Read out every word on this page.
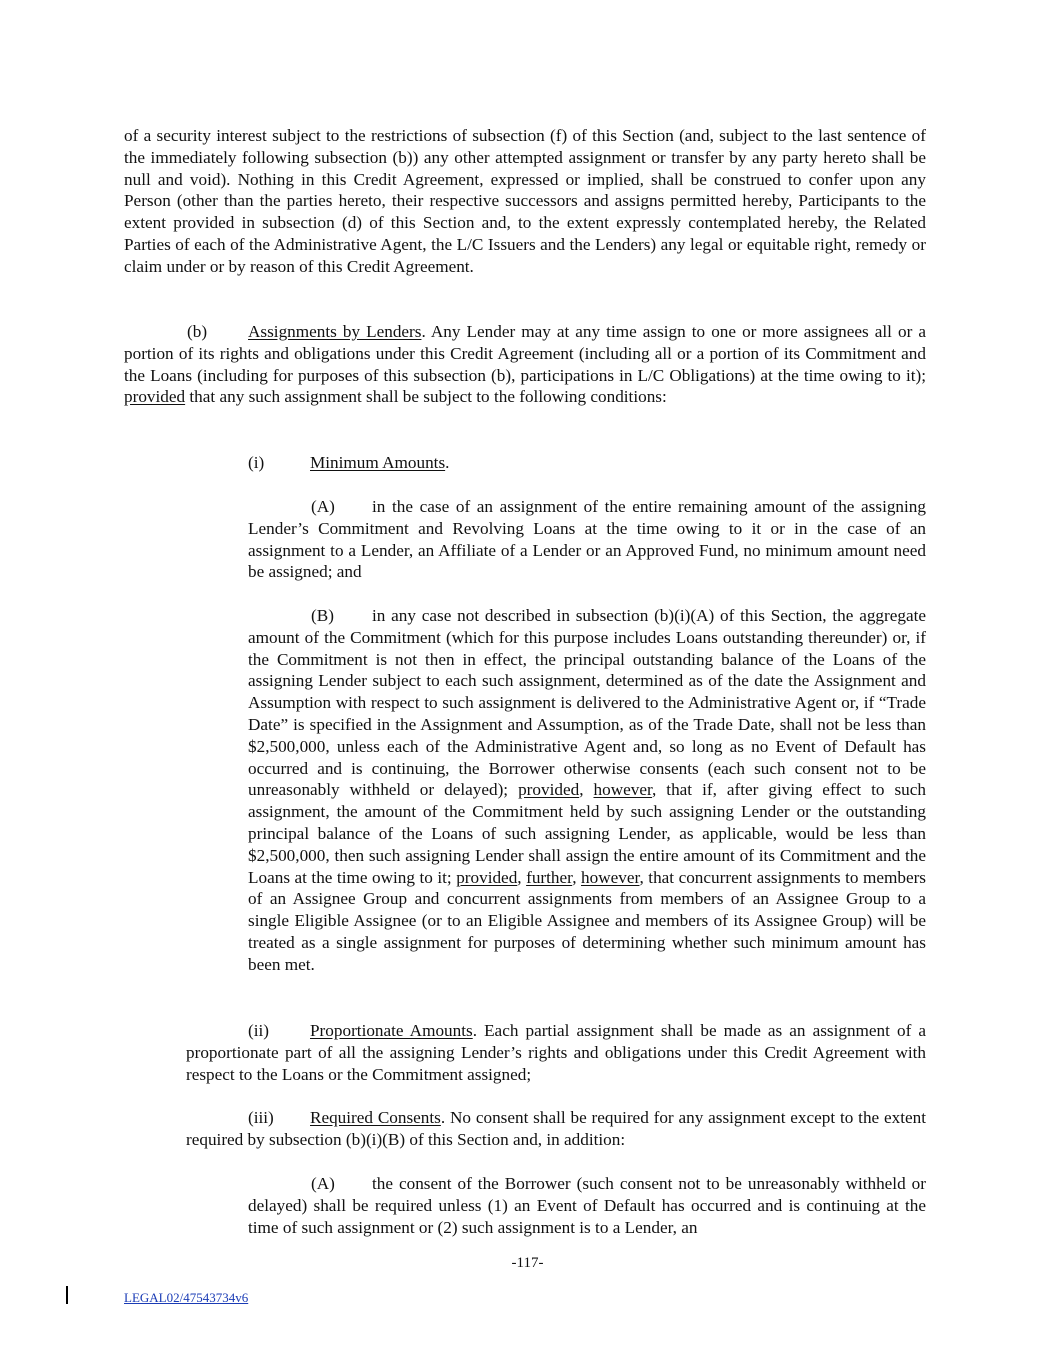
of a security interest subject to the restrictions of subsection (f) of this Section (and, subject to the last sentence of the immediately following subsection (b)) any other attempted assignment or transfer by any party hereto shall be null and void). Nothing in this Credit Agreement, expressed or implied, shall be construed to confer upon any Person (other than the parties hereto, their respective successors and assigns permitted hereby, Participants to the extent provided in subsection (d) of this Section and, to the extent expressly contemplated hereby, the Related Parties of each of the Administrative Agent, the L/C Issuers and the Lenders) any legal or equitable right, remedy or claim under or by reason of this Credit Agreement.

(b) Assignments by Lenders. Any Lender may at any time assign to one or more assignees all or a portion of its rights and obligations under this Credit Agreement (including all or a portion of its Commitment and the Loans (including for purposes of this subsection (b), participations in L/C Obligations) at the time owing to it); provided that any such assignment shall be subject to the following conditions:

(i)	Minimum Amounts.

(A) in the case of an assignment of the entire remaining amount of the assigning Lender’s Commitment and Revolving Loans at the time owing to it or in the case of an assignment to a Lender, an Affiliate of a Lender or an Approved Fund, no minimum amount need be assigned; and

(B) in any case not described in subsection (b)(i)(A) of this Section, the aggregate amount of the Commitment (which for this purpose includes Loans outstanding thereunder) or, if the Commitment is not then in effect, the principal outstanding balance of the Loans of the assigning Lender subject to each such assignment, determined as of the date the Assignment and Assumption with respect to such assignment is delivered to the Administrative Agent or, if “Trade Date” is specified in the Assignment and Assumption, as of the Trade Date, shall not be less than $2,500,000, unless each of the Administrative Agent and, so long as no Event of Default has occurred and is continuing, the Borrower otherwise consents (each such consent not to be unreasonably withheld or delayed); provided, however, that if, after giving effect to such assignment, the amount of the Commitment held by such assigning Lender or the outstanding principal balance of the Loans of such assigning Lender, as applicable, would be less than $2,500,000, then such assigning Lender shall assign the entire amount of its Commitment and the Loans at the time owing to it; provided, further, however, that concurrent assignments to members of an Assignee Group and concurrent assignments from members of an Assignee Group to a single Eligible Assignee (or to an Eligible Assignee and members of its Assignee Group) will be treated as a single assignment for purposes of determining whether such minimum amount has been met.

(ii) Proportionate Amounts. Each partial assignment shall be made as an assignment of a proportionate part of all the assigning Lender’s rights and obligations under this Credit Agreement with respect to the Loans or the Commitment assigned;

(iii) Required Consents. No consent shall be required for any assignment except to the extent required by subsection (b)(i)(B) of this Section and, in addition:

(A) the consent of the Borrower (such consent not to be unreasonably withheld or delayed) shall be required unless (1) an Event of Default has occurred and is continuing at the time of such assignment or (2) such assignment is to a Lender, an

-117-
LEGAL02/47543734v6
